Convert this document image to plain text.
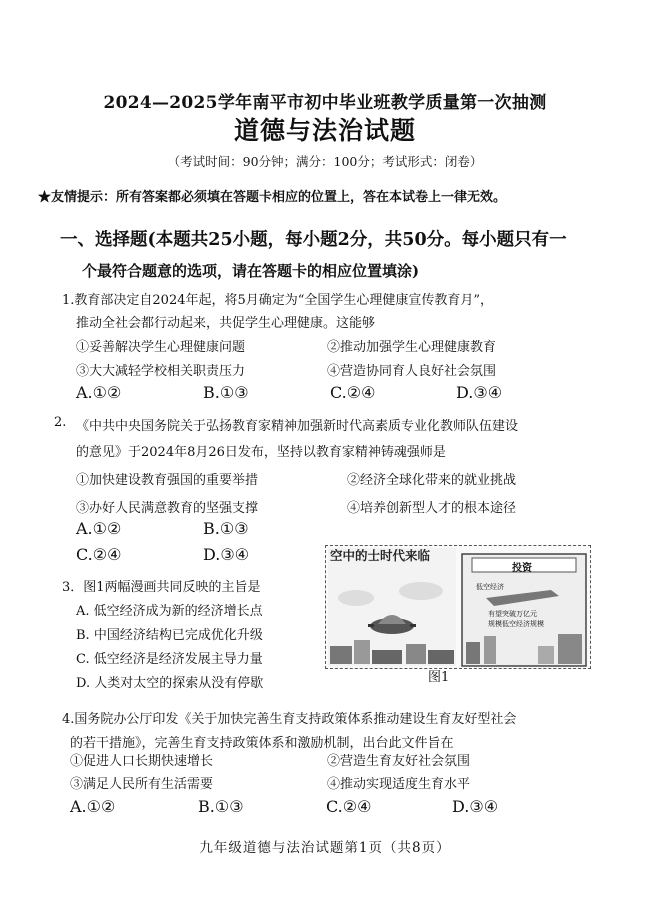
2024—2025学年南平市初中毕业班教学质量第一次抽测
道德与法治试题
（考试时间：90分钟；满分：100分；考试形式：闭卷）
★友情提示：所有答案都必须填在答题卡相应的位置上，答在本试卷上一律无效。
一、选择题(本题共25小题，每小题2分，共50分。每小题只有一
个最符合题意的选项，请在答题卡的相应位置填涂)
1.教育部决定自2024年起，将5月确定为“全国学生心理健康宣传教育月”，
推动全社会都行动起来，共促学生心理健康。这能够
①妥善解决学生心理健康问题	②推动加强学生心理健康教育
③大大减轻学校相关职责压力	④营造协同育人良好社会氛围
A.①②	B.①③	C.②④	D.③④
2. 《中共中央国务院关于弘扬教育家精神加强新时代高素质专业化教师队伍建设
的意见》于2024年8月26日发布，坚持以教育家精神铸魂强师是
①加快建设教育强国的重要举措	②经济全球化带来的就业挑战
③办好人民满意教育的坚强支撑	④培养创新型人才的根本途径
A.①②	B.①③
C.②④	D.③④
3．图1两幅漫画共同反映的主旨是
A. 低空经济成为新的经济增长点
B. 中国经济结构已完成优化升级
C. 低空经济是经济发展主导力量
D. 人类对太空的探索从没有停歇
空中的士时代来临
投资
低空经济
有望突破万亿元
规模低空经济规模
图1
4.国务院办公厅印发《关于加快完善生育支持政策体系推动建设生育友好型社会
的若干措施》，完善生育支持政策体系和激励机制，出台此文件旨在
①促进人口长期快速增长	②营造生育友好社会氛围
③满足人民所有生活需要	④推动实现适度生育水平
A.①②	B.①③	C.②④	D.③④
九年级道德与法治试题第1页（共8页）
